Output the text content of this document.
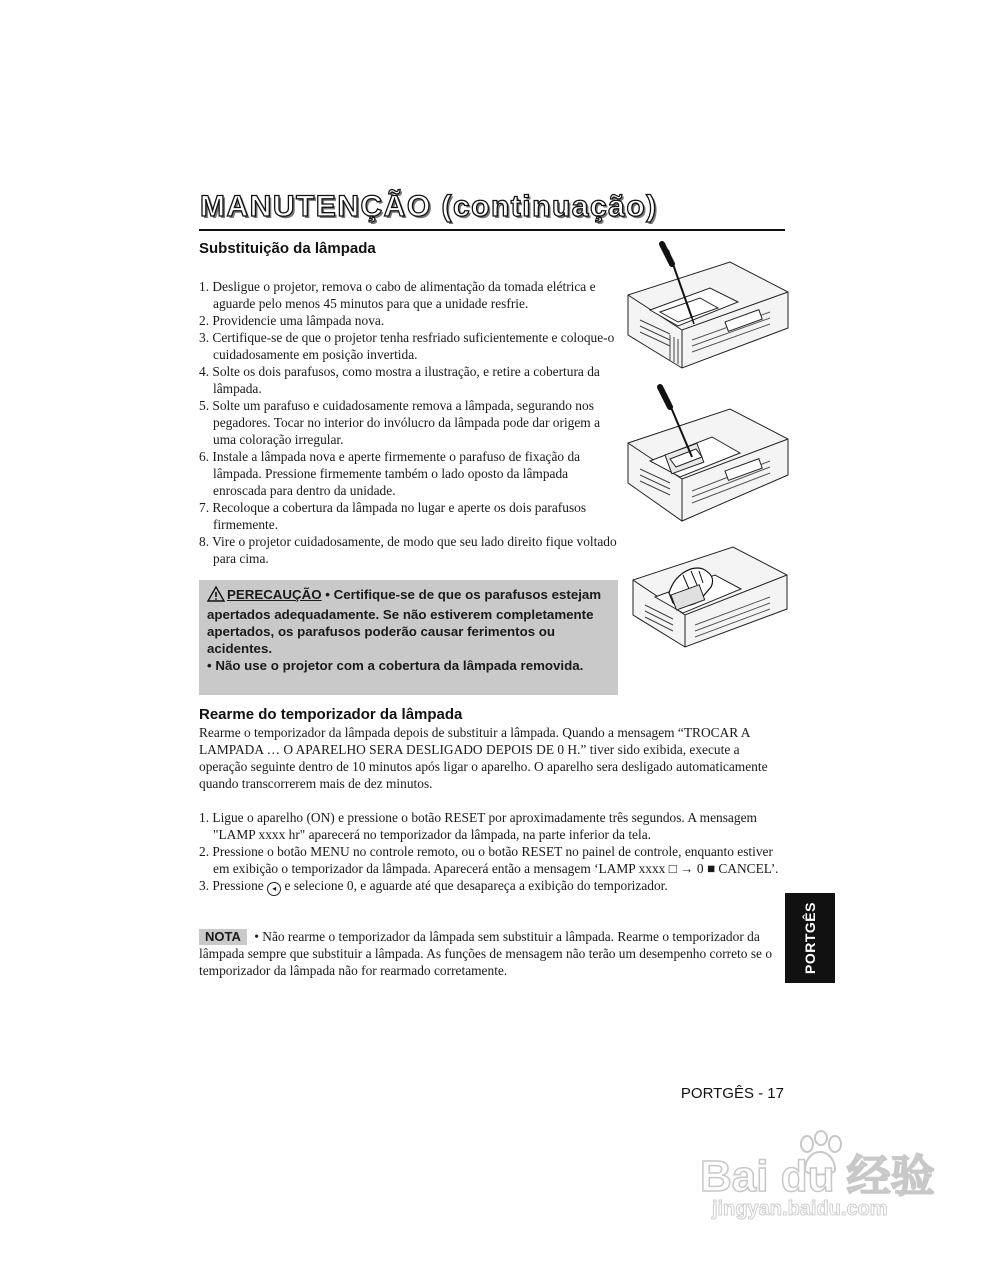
MANUTENÇÃO (continuação)
Substituição da lâmpada
1. Desligue o projetor, remova o cabo de alimentação da tomada elétrica e aguarde pelo menos 45 minutos para que a unidade resfrie.
2. Providencie uma lâmpada nova.
3. Certifique-se de que o projetor tenha resfriado suficientemente e coloque-o cuidadosamente em posição invertida.
4. Solte os dois parafusos, como mostra a ilustração, e retire a cobertura da lâmpada.
5. Solte um parafuso e cuidadosamente remova a lâmpada, segurando nos pegadores. Tocar no interior do invólucro da lâmpada pode dar origem a uma coloração irregular.
6. Instale a lâmpada nova e aperte firmemente o parafuso de fixação da lâmpada. Pressione firmemente também o lado oposto da lâmpada enroscada para dentro da unidade.
7. Recoloque a cobertura da lâmpada no lugar e aperte os dois parafusos firmemente.
8. Vire o projetor cuidadosamente, de modo que seu lado direito fique voltado para cima.
PERECAUÇÃO • Certifique-se de que os parafusos estejam apertados adequadamente. Se não estiverem completamente apertados, os parafusos poderão causar ferimentos ou acidentes.
• Não use o projetor com a cobertura da lâmpada removida.
Rearme do temporizador da lâmpada
Rearme o temporizador da lâmpada depois de substituir a lâmpada. Quando a mensagem “TROCAR A LAMPADA … O APARELHO SERA DESLIGADO DEPOIS DE 0 H.” tiver sido exibida, execute a operação seguinte dentro de 10 minutos após ligar o aparelho. O aparelho sera desligado automaticamente quando transcorrerem mais de dez minutos.
1. Ligue o aparelho (ON) e pressione o botão RESET por aproximadamente três segundos. A mensagem "LAMP xxxx hr" aparecerá no temporizador da lâmpada, na parte inferior da tela.
2. Pressione o botão MENU no controle remoto, ou o botão RESET no painel de controle, enquanto estiver em exibição o temporizador da lâmpada. Aparecerá então a mensagem ‘LAMP xxxx □ → 0 ■ CANCEL’.
3. Pressione ◂ e selecione 0, e aguarde até que desapareça a exibição do temporizador.
NOTA • Não rearme o temporizador da lâmpada sem substituir a lâmpada. Rearme o temporizador da lâmpada sempre que substituir a lâmpada. As funções de mensagem não terão um desempenho correto se o temporizador da lâmpada não for rearmado corretamente.	PORTGÊS
PORTGÊS - 17
Bai du 经验
jingyan.baidu.com
